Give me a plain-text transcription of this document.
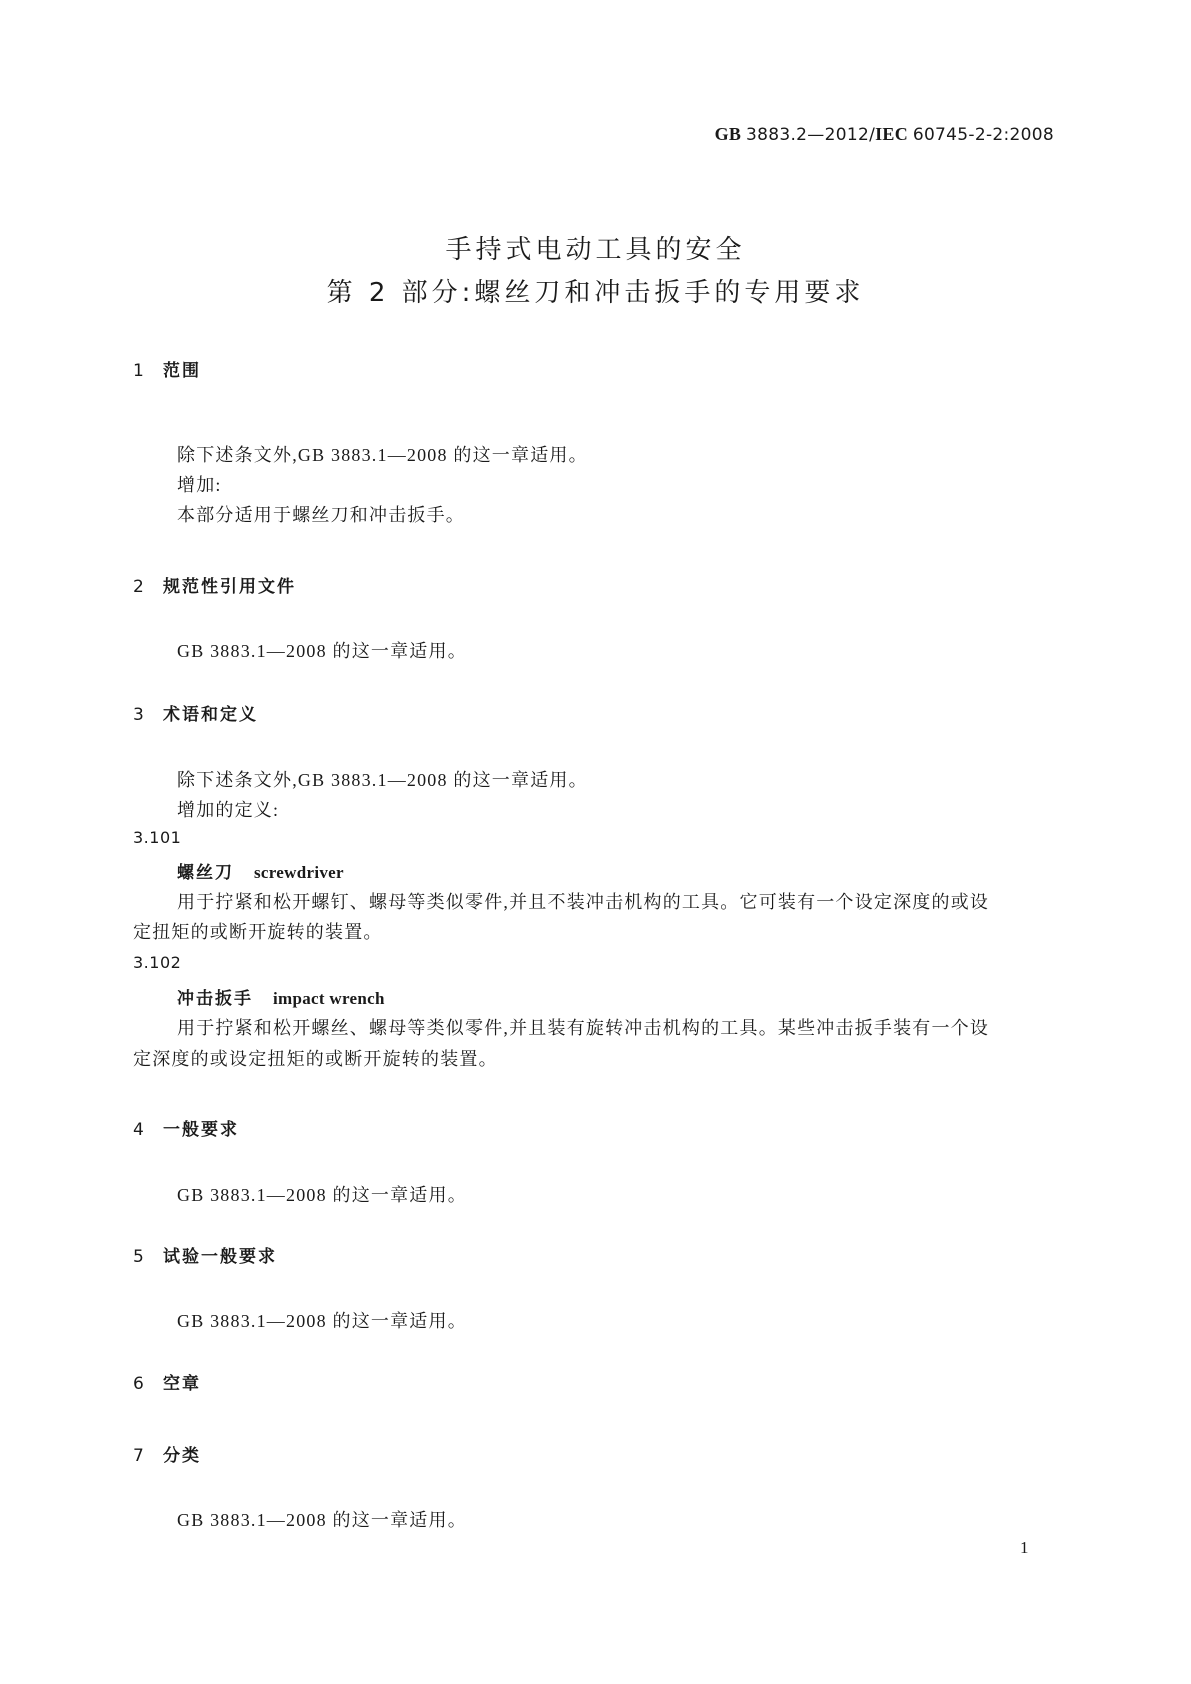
GB 3883.2—2012/IEC 60745-2-2:2008
手持式电动工具的安全
第 2 部分:螺丝刀和冲击扳手的专用要求
1 范围
除下述条文外,GB 3883.1—2008 的这一章适用。
增加:
本部分适用于螺丝刀和冲击扳手。
2 规范性引用文件
GB 3883.1—2008 的这一章适用。
3 术语和定义
除下述条文外,GB 3883.1—2008 的这一章适用。
增加的定义:
3.101
螺丝刀 screwdriver
用于拧紧和松开螺钉、螺母等类似零件,并且不装冲击机构的工具。它可装有一个设定深度的或设
定扭矩的或断开旋转的装置。
3.102
冲击扳手 impact wrench
用于拧紧和松开螺丝、螺母等类似零件,并且装有旋转冲击机构的工具。某些冲击扳手装有一个设
定深度的或设定扭矩的或断开旋转的装置。
4 一般要求
GB 3883.1—2008 的这一章适用。
5 试验一般要求
GB 3883.1—2008 的这一章适用。
6 空章
7 分类
GB 3883.1—2008 的这一章适用。
1
